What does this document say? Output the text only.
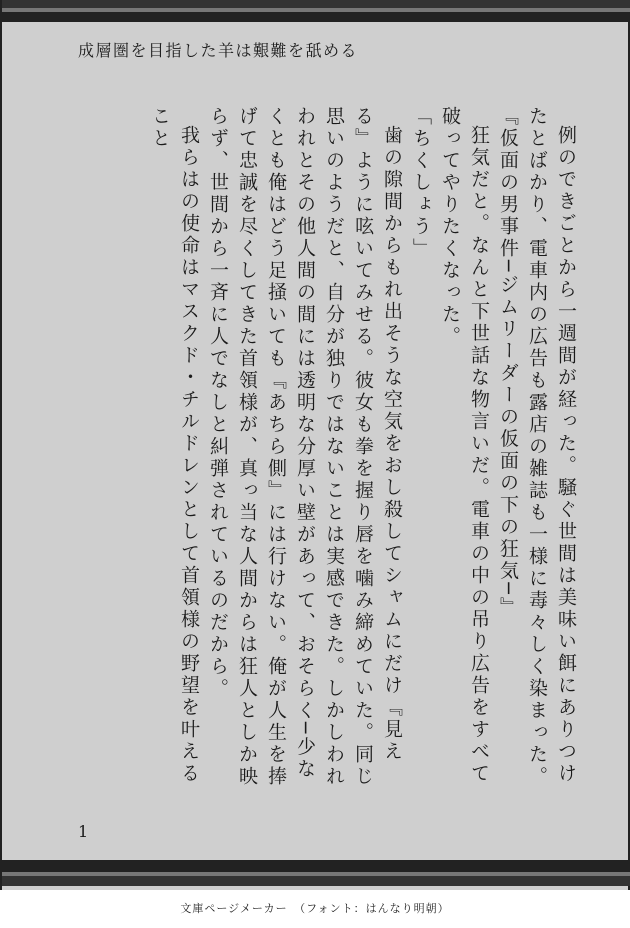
成層圏を目指した羊は艱難を舐める

例のできごとから一週間が経った。騒ぐ世間は美味い餌にありつけたとばかり、電車内の広告も露店の雑誌も一様に毒々しく染まった。

『仮面の男事件─ジムリーダーの仮面の下の狂気─』

狂気だと。なんと下世話な物言いだ。電車の中の吊り広告をすべて破ってやりたくなった。

「ちくしょう」

歯の隙間からもれ出そうな空気をおし殺してシャムにだけ『見える』ように呟いてみせる。彼女も拳を握り唇を噛み締めていた。同じ思いのようだと、自分が独りではないことは実感できた。しかしわれわれとその他人間の間には透明な分厚い壁があって、おそらく─少なくとも俺はどう足掻いても『あちら側』には行けない。俺が人生を捧げて忠誠を尽くしてきた首領様が、真っ当な人間からは狂人としか映らず、世間から一斉に人でなしと糾弾されているのだから。

我らはの使命はマスクド・チルドレンとして首領様の野望を叶えること

1
文庫ページメーカー　（フォント：はんなり明朝）
